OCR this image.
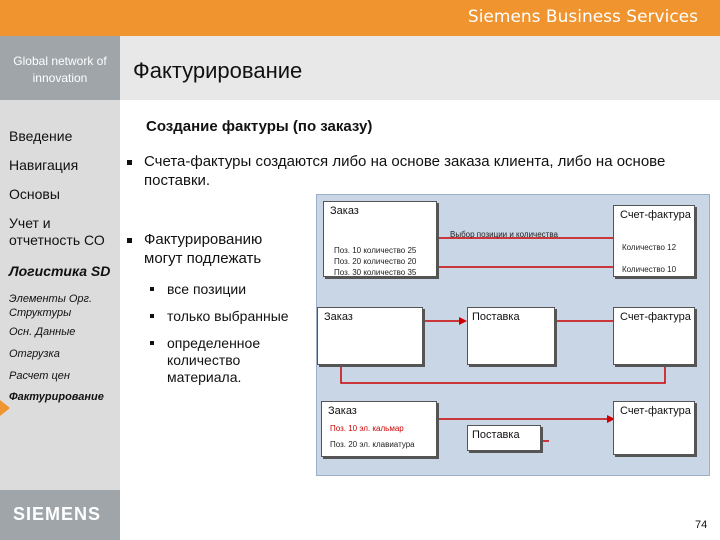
Siemens Business Services
Global network of innovation
SIEMENS
Фактурирование
Введение
Навигация
Основы
Учет и отчетность СО
Логистика SD
Элементы Орг. Структуры
Осн. Данные
Отгрузка
Расчет цен
Фактурирование
Создание фактуры (по заказу)
Счета-фактуры создаются либо на основе заказа клиента, либо на основе поставки.
Фактурированию могут подлежать
все позиции
только выбранные
определенное количество материала.
Заказ
Поз. 10 количество 25
Поз. 20 количество 20
Поз. 30 количество 35
Выбор позиции и количества
Счет-фактура
Количество 12
Количество 10
Заказ	Поставка	Счет-фактура
Заказ
Поз. 10 эл. кальмар
Поз. 20 эл. клавиатура
Поставка
Счет-фактура
74
